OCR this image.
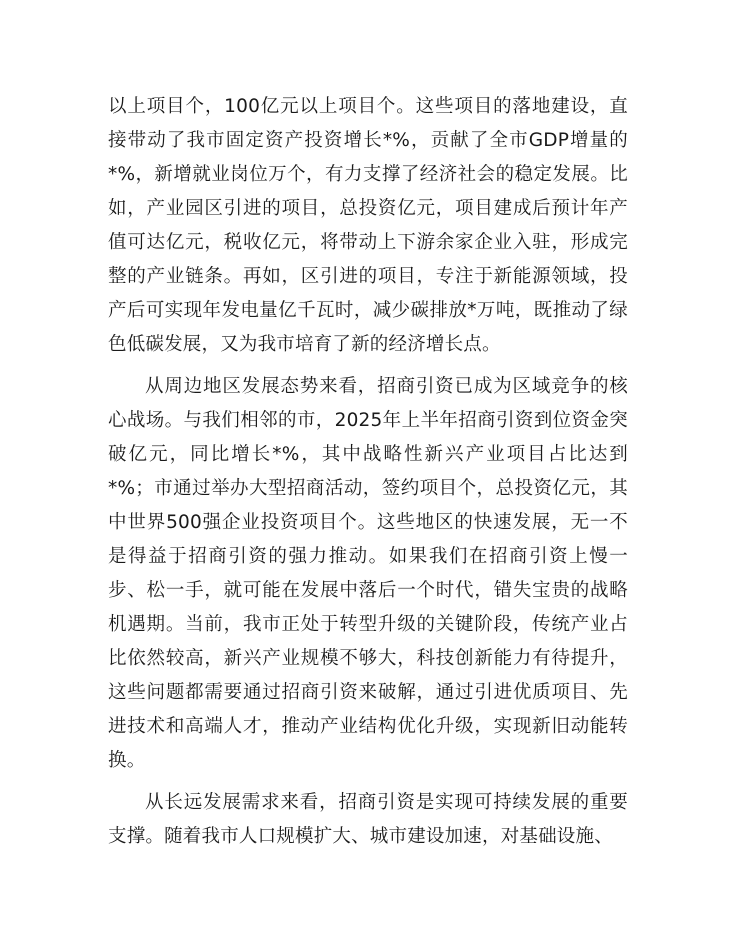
以上项目个，100亿元以上项目个。这些项目的落地建设，直接带动了我市固定资产投资增长*%，贡献了全市GDP增量的*%，新增就业岗位万个，有力支撑了经济社会的稳定发展。比如，产业园区引进的项目，总投资亿元，项目建成后预计年产值可达亿元，税收亿元，将带动上下游余家企业入驻，形成完整的产业链条。再如，区引进的项目，专注于新能源领域，投产后可实现年发电量亿千瓦时，减少碳排放*万吨，既推动了绿色低碳发展，又为我市培育了新的经济增长点。

从周边地区发展态势来看，招商引资已成为区域竞争的核心战场。与我们相邻的市，2025年上半年招商引资到位资金突破亿元，同比增长*%，其中战略性新兴产业项目占比达到*%；市通过举办大型招商活动，签约项目个，总投资亿元，其中世界500强企业投资项目个。这些地区的快速发展，无一不是得益于招商引资的强力推动。如果我们在招商引资上慢一步、松一手，就可能在发展中落后一个时代，错失宝贵的战略机遇期。当前，我市正处于转型升级的关键阶段，传统产业占比依然较高，新兴产业规模不够大，科技创新能力有待提升，这些问题都需要通过招商引资来破解，通过引进优质项目、先进技术和高端人才，推动产业结构优化升级，实现新旧动能转换。

从长远发展需求来看，招商引资是实现可持续发展的重要支撑。随着我市人口规模扩大、城市建设加速，对基础设施、
